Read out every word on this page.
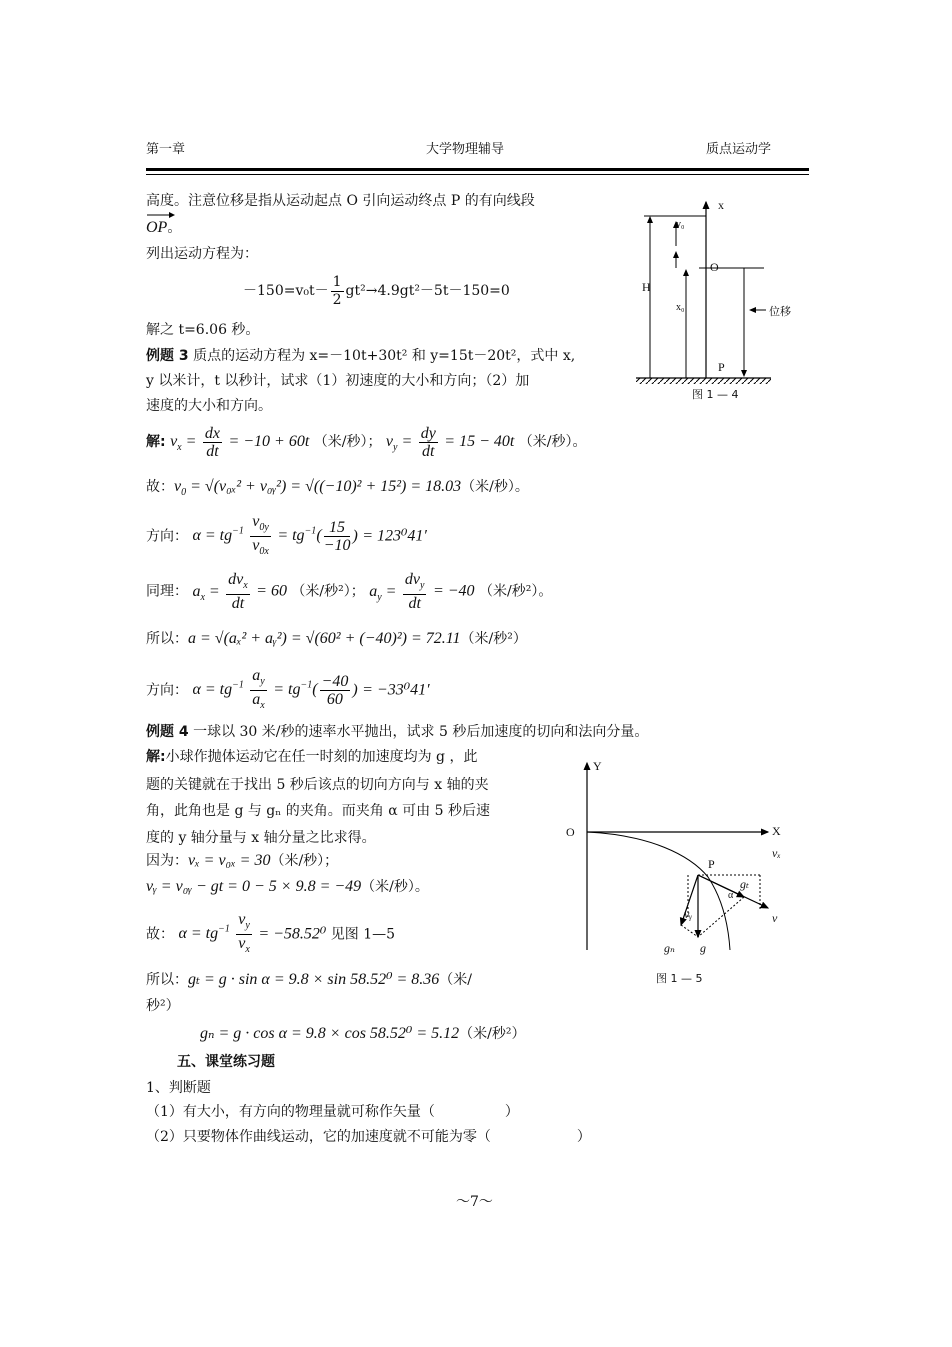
第一章	大学物理辅导	质点运动学
高度。注意位移是指从运动起点 O 引向运动终点 P 的有向线段
OP。
列出运动方程为：
$-150=v_0t- \frac{1}{2} gt^2\to 4.9gt^2-5t-150=0$
解之 t=6.06 秒。
例题 3 质点的运动方程为 x=－10t+30t² 和 y=15t－20t²，式中 x,
y 以米计，t 以秒计，试求（1）初速度的大小和方向；（2）加
速度的大小和方向。
解: $v_x = \frac{dx}{dt} = -10 + 60t$ （米/秒）； $v_y = \frac{dy}{dt} = 15 - 40t$ （米/秒）。
故：$v_0 = √(v_{0x}^2$ + v₀ᵧ²) = √((−10)² + 15²) = 18.03（米/秒）。
方向： $\alpha = tg^{-1} \frac{v_{0y}}{v_{0x}} = tg^{-1}( \frac{15}{-10}$ ) = 123⁰41′
同理： $a_x = \frac{dv_x}{dt} = 60$ （米/秒²）； $a_y = \frac{dv_y}{dt} = -40$ （米/秒²）。
所以：a = √(aₓ² + aᵧ²) = √(60² + (−40)²) = 72.11（米/秒²）
方向： $\alpha = tg^{-1} \frac{a_y}{a_x} = tg^{-1}( \frac{-40}{60}$ ) = −33⁰41′
例题 4 一球以 30 米/秒的速率水平抛出，试求 5 秒后加速度的切向和法向分量。
解:小球作抛体运动它在任一时刻的加速度均为 g ，此
题的关键就在于找出 5 秒后该点的切向方向与 x 轴的夹
角，此角也是 g 与 gₙ 的夹角。而夹角 α 可由 5 秒后速
度的 y 轴分量与 x 轴分量之比求得。
因为：vₓ = v₀ₓ = 30（米/秒）；
vᵧ = v₀ᵧ − gt = 0 − 5 × 9.8 = −49（米/秒）。
故： $\alpha = tg^{-1} \frac{v_y}{v_x} = -58.52^0$ 见图 1—5
所以：gₜ = g · sin α = 9.8 × sin 58.52⁰ = 8.36（米/
秒²）
gₙ = g · cos α = 9.8 × cos 58.52⁰ = 5.12（米/秒²）
五、课堂练习题
1、判断题
（1）有大小，有方向的物理量就可称作矢量（	）
（2）只要物体作曲线运动，它的加速度就不可能为零（	）
～7～
x
v₀
O
H
x₀	位移
P
图 1 — 4
Y
O	X
vₓ
P
gₜ
α
vᵧ	v
gₙ g
图 1 — 5
